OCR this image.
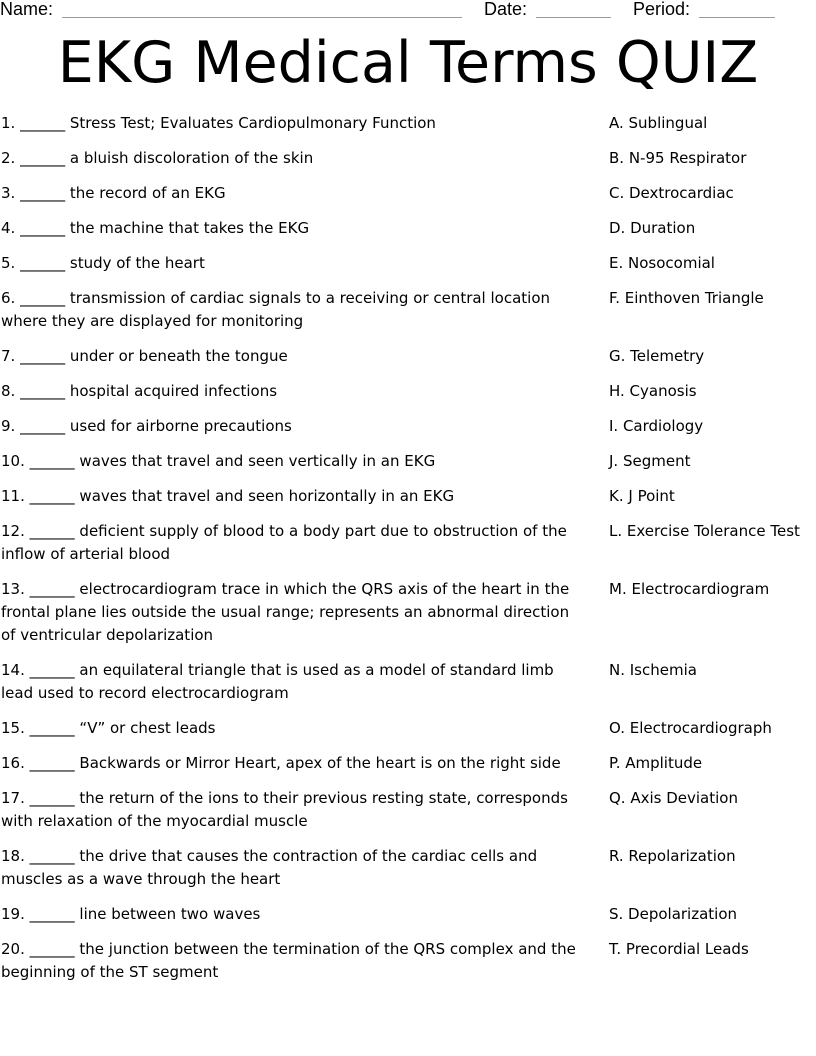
Name:	Date:	Period:
EKG Medical Terms QUIZ
1. ______ Stress Test; Evaluates Cardiopulmonary Function	A. Sublingual
2. ______ a bluish discoloration of the skin	B. N-95 Respirator
3. ______ the record of an EKG	C. Dextrocardiac
4. ______ the machine that takes the EKG	D. Duration
5. ______ study of the heart	E. Nosocomial
6. ______ transmission of cardiac signals to a receiving or central location where they are displayed for monitoring
F. Einthoven Triangle
7. ______ under or beneath the tongue	G. Telemetry
8. ______ hospital acquired infections	H. Cyanosis
9. ______ used for airborne precautions	I. Cardiology
10. ______ waves that travel and seen vertically in an EKG	J. Segment
11. ______ waves that travel and seen horizontally in an EKG	K. J Point
12. ______ deficient supply of blood to a body part due to obstruction of the inflow of arterial blood
L. Exercise Tolerance Test
13. ______ electrocardiogram trace in which the QRS axis of the heart in the frontal plane lies outside the usual range; represents an abnormal direction of ventricular depolarization
M. Electrocardiogram
14. ______ an equilateral triangle that is used as a model of standard limb lead used to record electrocardiogram
N. Ischemia
15. ______ “V” or chest leads	O. Electrocardiograph
16. ______ Backwards or Mirror Heart, apex of the heart is on the right side	P. Amplitude
17. ______ the return of the ions to their previous resting state, corresponds with relaxation of the myocardial muscle
Q. Axis Deviation
18. ______ the drive that causes the contraction of the cardiac cells and muscles as a wave through the heart
R. Repolarization
19. ______ line between two waves	S. Depolarization
20. ______ the junction between the termination of the QRS complex and the beginning of the ST segment
T. Precordial Leads
